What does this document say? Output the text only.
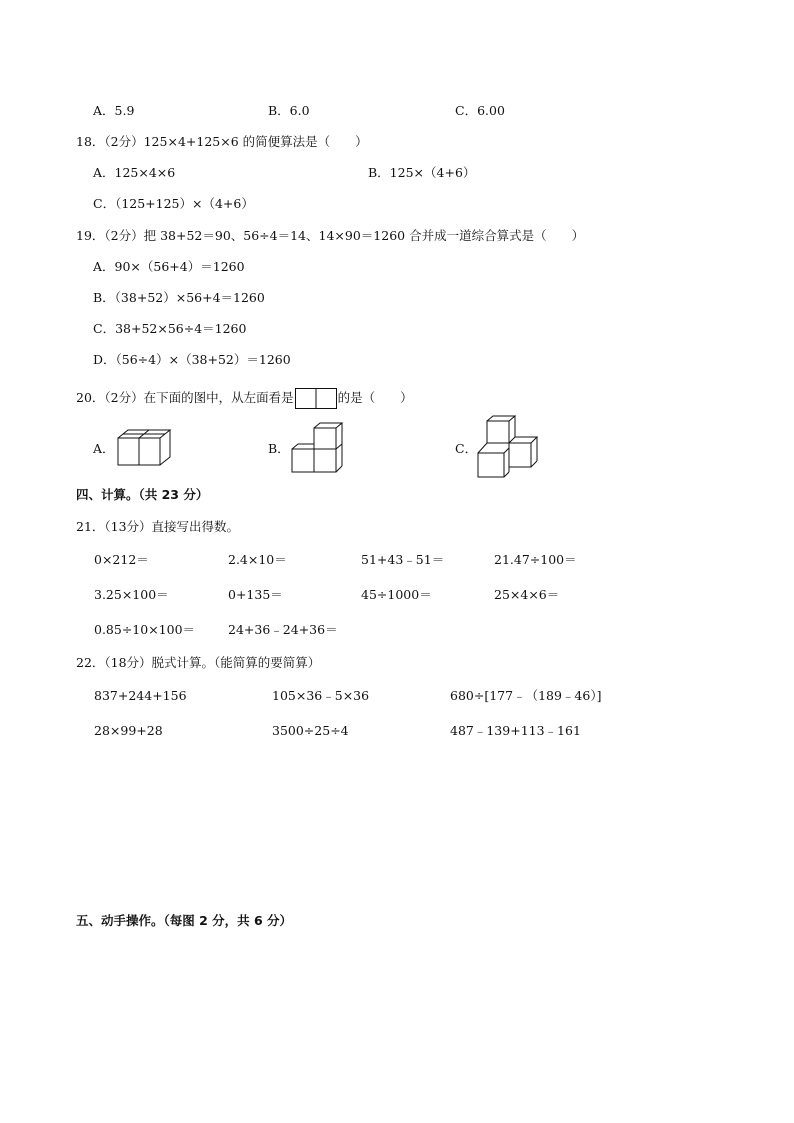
A．5.9	B．6.0	C．6.00
18．（2分）125×4+125×6 的简便算法是（　　）
A．125×4×6	B．125×（4+6）
C．（125+125）×（4+6）
19．（2分）把 38+52＝90、56÷4＝14、14×90＝1260 合并成一道综合算式是（　　）
A．90×（56+4）＝1260
B．（38+52）×56+4＝1260
C．38+52×56÷4＝1260
D．（56÷4）×（38+52）＝1260
20．（2分）在下面的图中，从左面看是	的是（　　）
A．	B．	C．
四、计算。（共 23 分）
21．（13分）直接写出得数。
0×212＝	2.4×10＝	51+43﹣51＝	21.47÷100＝
3.25×100＝	0+135＝	45÷1000＝	25×4×6＝
0.85÷10×100＝	24+36﹣24+36＝
22．（18分）脱式计算。（能简算的要简算）
837+244+156	105×36﹣5×36	680÷[177﹣（189﹣46）]
28×99+28	3500÷25÷4	487﹣139+113﹣161
五、动手操作。（每图 2 分，共 6 分）
